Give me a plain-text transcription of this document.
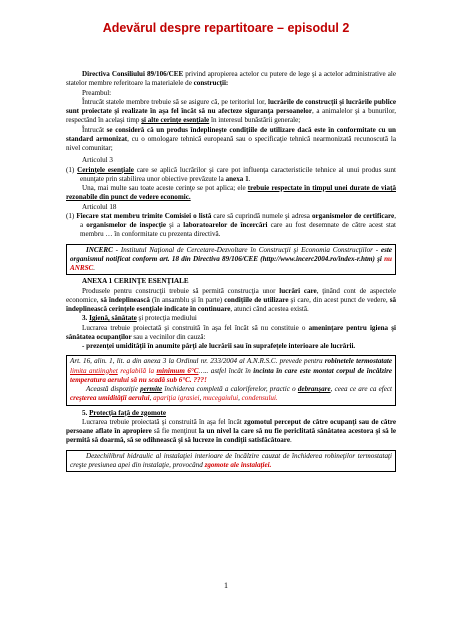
Adevărul despre repartitoare – episodul 2

Directiva Consiliului 89/106/CEE privind apropierea actelor cu putere de lege şi a actelor administrative ale statelor membre referitoare la materialele de construcţii:

Preambul:

Întrucât statele membre trebuie să se asigure că, pe teritoriul lor, lucrările de construcţii şi lucrările publice sunt proiectate şi realizate în aşa fel încât să nu afecteze siguranţa persoanelor, a animalelor şi a bunurilor, respectând în acelaşi timp şi alte cerinţe esenţiale în interesul bunăstării generale;

Întrucât se consideră că un produs îndeplineşte condiţiile de utilizare dacă este în conformitate cu un standard armonizat, cu o omologare tehnică europeană sau o specificaţie tehnică nearmonizată recunoscută la nivel comunitar;

Articolul 3

(1) Cerinţele esenţiale care se aplică lucrărilor şi care pot influenţa caracteristicile tehnice al unui produs sunt enunţate prin stabilirea unor obiective prevăzute la anexa 1.

Una, mai multe sau toate aceste cerinţe se pot aplica; ele trebuie respectate în timpul unei durate de viaţă rezonabile din punct de vedere economic.

Articolul 18

(1) Fiecare stat membru trimite Comisiei o listă care să cuprindă numele şi adresa organismelor de certificare, a organismelor de inspecţie şi a laboratoarelor de încercări care au fost desemnate de către acest stat membru … în conformitate cu prezenta directivă.

INCERC - Institutul Naţional de Cercetare-Dezvoltare în Construcţii şi Economia Construcţiilor - este organismul notificat conform art. 18 din Directiva 89/106/CEE (http://www.incerc2004.ro/index-r.htm) şi nu ANRSC.

ANEXA 1 CERINŢE ESENŢIALE

Produsele pentru construcţii trebuie să permită construcţia unor lucrări care, ţinând cont de aspectele economice, să îndeplinească (în ansamblu şi în parte) condiţiile de utilizare şi care, din acest punct de vedere, să îndeplinească cerinţele esenţiale indicate în continuare, atunci când acestea există.

3. Igienă, sănătate şi protecţia mediului

Lucrarea trebuie proiectată şi construită în aşa fel încât să nu constituie o ameninţare pentru igiena şi sănătatea ocupanţilor sau a vecinilor din cauză:

- prezenţei umidităţii în anumite părţi ale lucrării sau în suprafeţele interioare ale lucrării.

Art. 16, alin. 1, lit. a din anexa 3 la Ordinul nr. 233/2004 al A.N.R.S.C. prevede pentru robinetele termostatate limita antiinghet reglabilă la minimum 6°C….. astfel încât în incinta în care este montat corpul de încălzire temperatura aerului să nu scadă sub 6°C. ???!

Această dispoziţie permite închiderea completă a caloriferelor, practic o debranşare, ceea ce are ca efect creşterea umidităţii aerului, apariţia igrasiei, mucegaiului, condensului.

5. Protecţia faţă de zgomote

Lucrarea trebuie proiectată şi construită în aşa fel încât zgomotul perceput de către ocupanţi sau de către persoane aflate în apropiere să fie menţinut la un nivel la care să nu fie periclitată sănătatea acestora şi să le permită să doarmă, să se odihnească şi să lucreze în condiţii satisfăcătoare.

Dezechilibrul hidraulic al instalaţiei interioare de încălzire cauzat de închiderea robineţilor termostataţi creşte presiunea apei din instalaţie, provocând zgomote ale instalaţiei.

1
